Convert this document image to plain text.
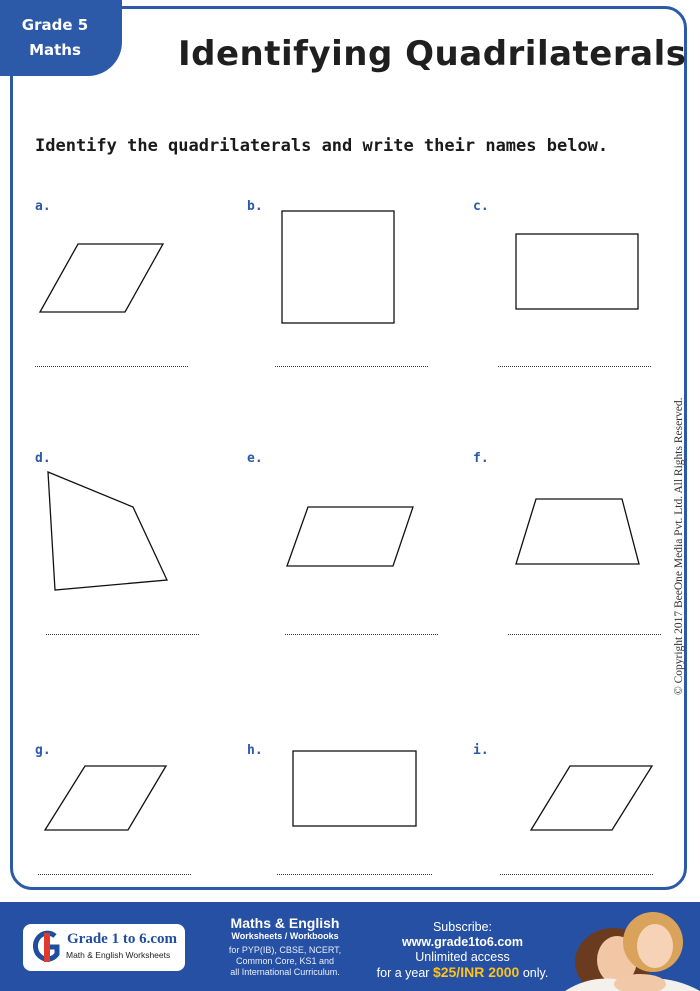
Grade 5
Maths	Identifying Quadrilaterals
Identify the quadrilaterals and write their names below.
a.	b.	c.
d.	e.	f.
g.	h.	i.
© Copyright 2017 BeeOne Media Pvt. Ltd. All Rights Reserved.
Grade 1 to 6.com
Math & English Worksheets
Maths & English
Worksheets / Workbooks
for PYP(IB), CBSE, NCERT,
Common Core, KS1 and
all International Curriculum.
Subscribe:
www.grade1to6.com
Unlimited access
for a year $25/INR 2000 only.
